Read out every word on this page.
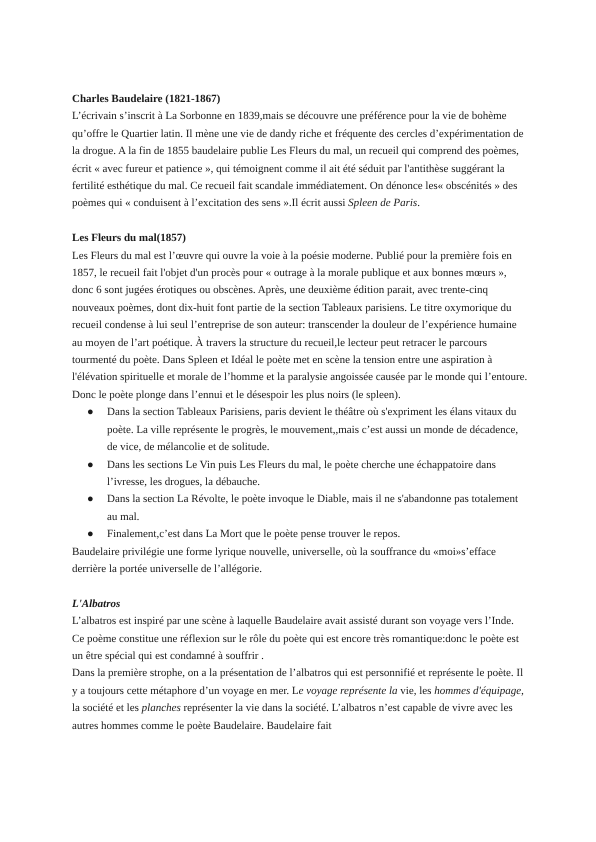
Charles Baudelaire (1821-1867)

L’écrivain s’inscrit à La Sorbonne en 1839,mais se découvre une préférence pour la vie de bohème qu’offre le Quartier latin. Il mène une vie de dandy riche et fréquente des cercles d’expérimentation de la drogue. A la fin de 1855 baudelaire publie Les Fleurs du mal, un recueil qui comprend des poèmes, écrit « avec fureur et patience », qui témoignent comme il ait été séduit par l'antithèse suggérant la fertilité esthétique du mal. Ce recueil fait scandale immédiatement. On dénonce les« obscénités » des poèmes qui « conduisent à l’excitation des sens ».Il écrit aussi Spleen de Paris.

Les Fleurs du mal(1857)

Les Fleurs du mal est l’œuvre qui ouvre la voie à la poésie moderne. Publié pour la première fois en 1857, le recueil fait l'objet d'un procès pour « outrage à la morale publique et aux bonnes mœurs », donc 6 sont jugées érotiques ou obscènes. Après, une deuxième édition parait, avec trente-cinq nouveaux poèmes, dont dix-huit font partie de la section Tableaux parisiens. Le titre oxymorique du recueil condense à lui seul l’entreprise de son auteur: transcender la douleur de l’expérience humaine au moyen de l’art poétique. À travers la structure du recueil,le lecteur peut retracer le parcours tourmenté du poète. Dans Spleen et Idéal le poète met en scène la tension entre une aspiration à l'élévation spirituelle et morale de l’homme et la paralysie angoissée causée par le monde qui l’entoure. Donc le poète plonge dans l’ennui et le désespoir les plus noirs (le spleen).

● Dans la section Tableaux Parisiens, paris devient le théâtre où s'expriment les élans vitaux du poète. La ville représente le progrès, le mouvement,,mais c’est aussi un monde de décadence, de vice, de mélancolie et de solitude.
● Dans les sections Le Vin puis Les Fleurs du mal, le poète cherche une échappatoire dans l’ivresse, les drogues, la débauche.
● Dans la section La Révolte, le poète invoque le Diable, mais il ne s'abandonne pas totalement au mal.
● Finalement,c’est dans La Mort que le poète pense trouver le repos.

Baudelaire privilégie une forme lyrique nouvelle, universelle, où la souffrance du «moi»s’efface derrière la portée universelle de l’allégorie.

L'Albatros

L’albatros est inspiré par une scène à laquelle Baudelaire avait assisté durant son voyage vers l’Inde. Ce poème constitue une réflexion sur le rôle du poète qui est encore très romantique:donc le poète est un être spécial qui est condamné à souffrir .

Dans la première strophe, on a la présentation de l’albatros qui est personnifié et représente le poète. Il y a toujours cette métaphore d’un voyage en mer. Le voyage représente la vie, les hommes d'équipage, la société et les planches représenter la vie dans la société. L’albatros n’est capable de vivre avec les autres hommes comme le poète Baudelaire. Baudelaire fait
